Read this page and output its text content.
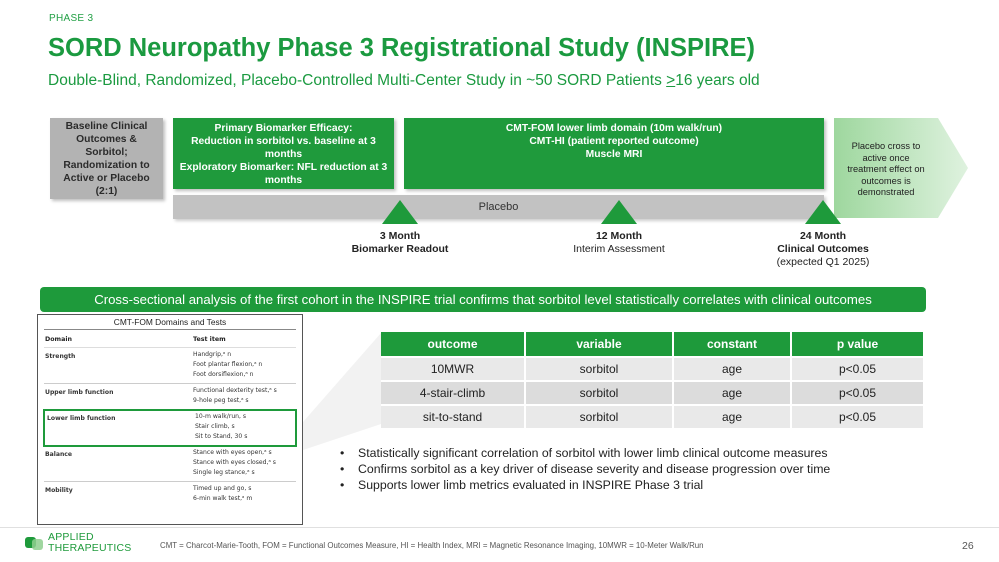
PHASE 3
SORD Neuropathy Phase 3 Registrational Study (INSPIRE)
Double-Blind, Randomized, Placebo-Controlled Multi-Center Study in ~50 SORD Patients >16 years old
Baseline Clinical Outcomes & Sorbitol; Randomization to Active or Placebo (2:1)
Primary Biomarker Efficacy:
Reduction in sorbitol vs. baseline at 3 months
Exploratory Biomarker: NFL reduction at 3 months
CMT-FOM lower limb domain (10m walk/run)
CMT-HI (patient reported outcome)
Muscle MRI
Placebo
Placebo cross to active once treatment effect on outcomes is demonstrated
3 Month
Biomarker Readout
12 Month
Interim Assessment
24 Month
Clinical Outcomes
(expected Q1 2025)
Cross-sectional analysis of the first cohort in the INSPIRE trial confirms that sorbitol level statistically correlates with clinical outcomes
CMT-FOM Domains and Tests
Domain	Test item
Strength	Handgrip,ᵃ n
Foot plantar flexion,ᵃ n
Foot dorsiflexion,ᵃ n
Upper limb function	Functional dexterity test,ᵃ s
9-hole peg test,ᵃ s
Lower limb function	10-m walk/run, s
Stair climb, s
Sit to Stand, 30 s
Balance	Stance with eyes open,ᵃ s
Stance with eyes closed,ᵃ s
Single leg stance,ᵃ s
Mobility	Timed up and go, s
6-min walk test,ᵃ m
outcome	variable	constant	p value
10MWR	sorbitol	age	p<0.05
4-stair-climb	sorbitol	age	p<0.05
sit-to-stand	sorbitol	age	p<0.05
• Statistically significant correlation of sorbitol with lower limb clinical outcome measures
• Confirms sorbitol as a key driver of disease severity and disease progression over time
• Supports lower limb metrics evaluated in INSPIRE Phase 3 trial
APPLIED
THERAPEUTICS	CMT = Charcot-Marie-Tooth, FOM = Functional Outcomes Measure, HI = Health Index, MRI = Magnetic Resonance Imaging, 10MWR = 10-Meter Walk/Run	26
